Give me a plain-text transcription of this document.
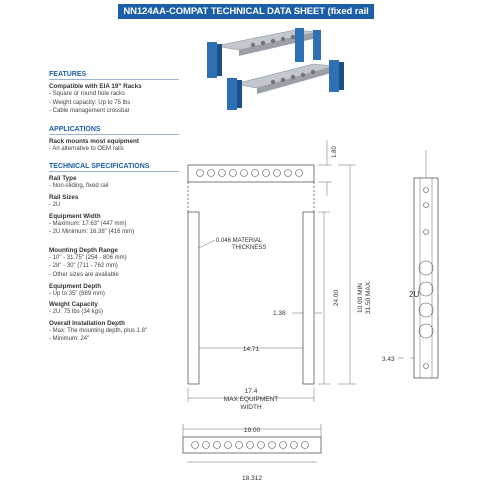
NN124AA-COMPAT TECHNICAL DATA SHEET (fixed rail solution)
FEATURES
Compatible with EIA 19" Racks
- Square or round hole racks
- Weight capacity: Up to 75 lbs
- Cable management crossbar
APPLICATIONS
Rack mounts most equipment
- An alternative to OEM rails
TECHNICAL SPECIFICATIONS
Rail Type
- Non-sliding, fixed rail
Rail Sizes
- 2U
Equipment Width
- Maximum: 17.63" (447 mm)
- 2U Minimum: 16.38" (416 mm)
Mounting Depth Range
- 10" - 31.75" (254 - 806 mm)
- 28" - 30" (711 - 762 mm)
- Other sizes are available
Equipment Depth
- Up to 35" (889 mm)
Weight Capacity
- 2U: 75 lbs (34 kgs)
Overall Installation Depth
- Max: The mounting depth, plus 1.8"
- Minimum: 24"
1.80
0.046 MATERIAL
THICKNESS
24.00	10.00 MIN 31.50 MAX
1.38
14.71
17.4
MAX EQUIPMENT
WIDTH
19.00
18.312
2U
3.43
